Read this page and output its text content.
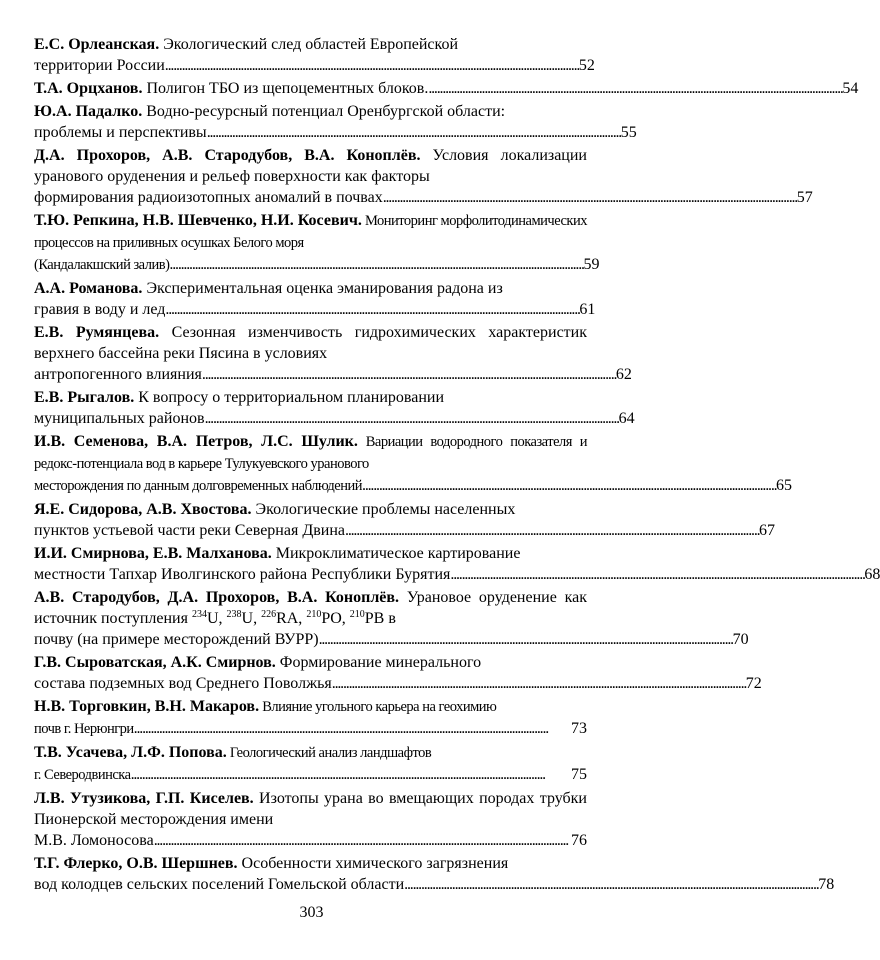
Е.С. Орлеанская. Экологический след областей Европейской

территории России . . .	52
Т.А. Орцханов. Полигон ТБО из щепоцементных блоков. . . .	54

Ю.А. Падалко. Водно-ресурсный потенциал Оренбургской области:

проблемы и перспективы . . .	55

Д.А. Прохоров, А.В. Стародубов, В.А. Коноплёв. Условия локализации уранового оруденения и рельеф поверхности как факторы

формирования радиоизотопных аномалий в почвах . . .	57

Т.Ю. Репкина, Н.В. Шевченко, Н.И. Косевич. Мониторинг морфолитодинамических процессов на приливных осушках Белого моря

(Кандалакшский залив) . . .	59

А.А. Романова. Экспериментальная оценка эманирования радона из

гравия в воду и лед . . .	61

Е.В. Румянцева. Сезонная изменчивость гидрохимических характеристик верхнего бассейна реки Пясина в условиях

антропогенного влияния . . .	62

Е.В. Рыгалов. К вопросу о территориальном планировании

муниципальных районов . . .	64

И.В. Семенова, В.А. Петров, Л.С. Шулик. Вариации водородного показателя и редокс-потенциала вод в карьере Тулукуевского уранового

месторождения по данным долговременных наблюдений . . .	65

Я.Е. Сидорова, А.В. Хвостова. Экологические проблемы населенных

пунктов устьевой части реки Северная Двина . . .	67

И.И. Смирнова, Е.В. Малханова. Микроклиматическое картирование

местности Тапхар Иволгинского района Республики Бурятия . . .	68

А.В. Стародубов, Д.А. Прохоров, В.А. Коноплёв. Урановое оруденение как источник поступления $^{234}$U, $^{238}$U, $^{226}$RA, $^{210}$PO, $^{210}$PB в

почву (на примере месторождений ВУРР) . . .	70

Г.В. Сыроватская, А.К. Смирнов. Формирование минерального

состава подземных вод Среднего Поволжья . . .	72

Н.В. Торговкин, В.Н. Макаров. Влияние угольного карьера на геохимию

почв г. Нерюнгри . . .	73

Т.В. Усачева, Л.Ф. Попова. Геологический анализ ландшафтов

г. Северодвинска . . .	75

Л.В. Утузикова, Г.П. Киселев. Изотопы урана во вмещающих породах трубки Пионерской месторождения имени

М.В. Ломоносова . . .	76

Т.Г. Флерко, О.В. Шершнев. Особенности химического загрязнения

вод колодцев сельских поселений Гомельской области . . .	78
303
